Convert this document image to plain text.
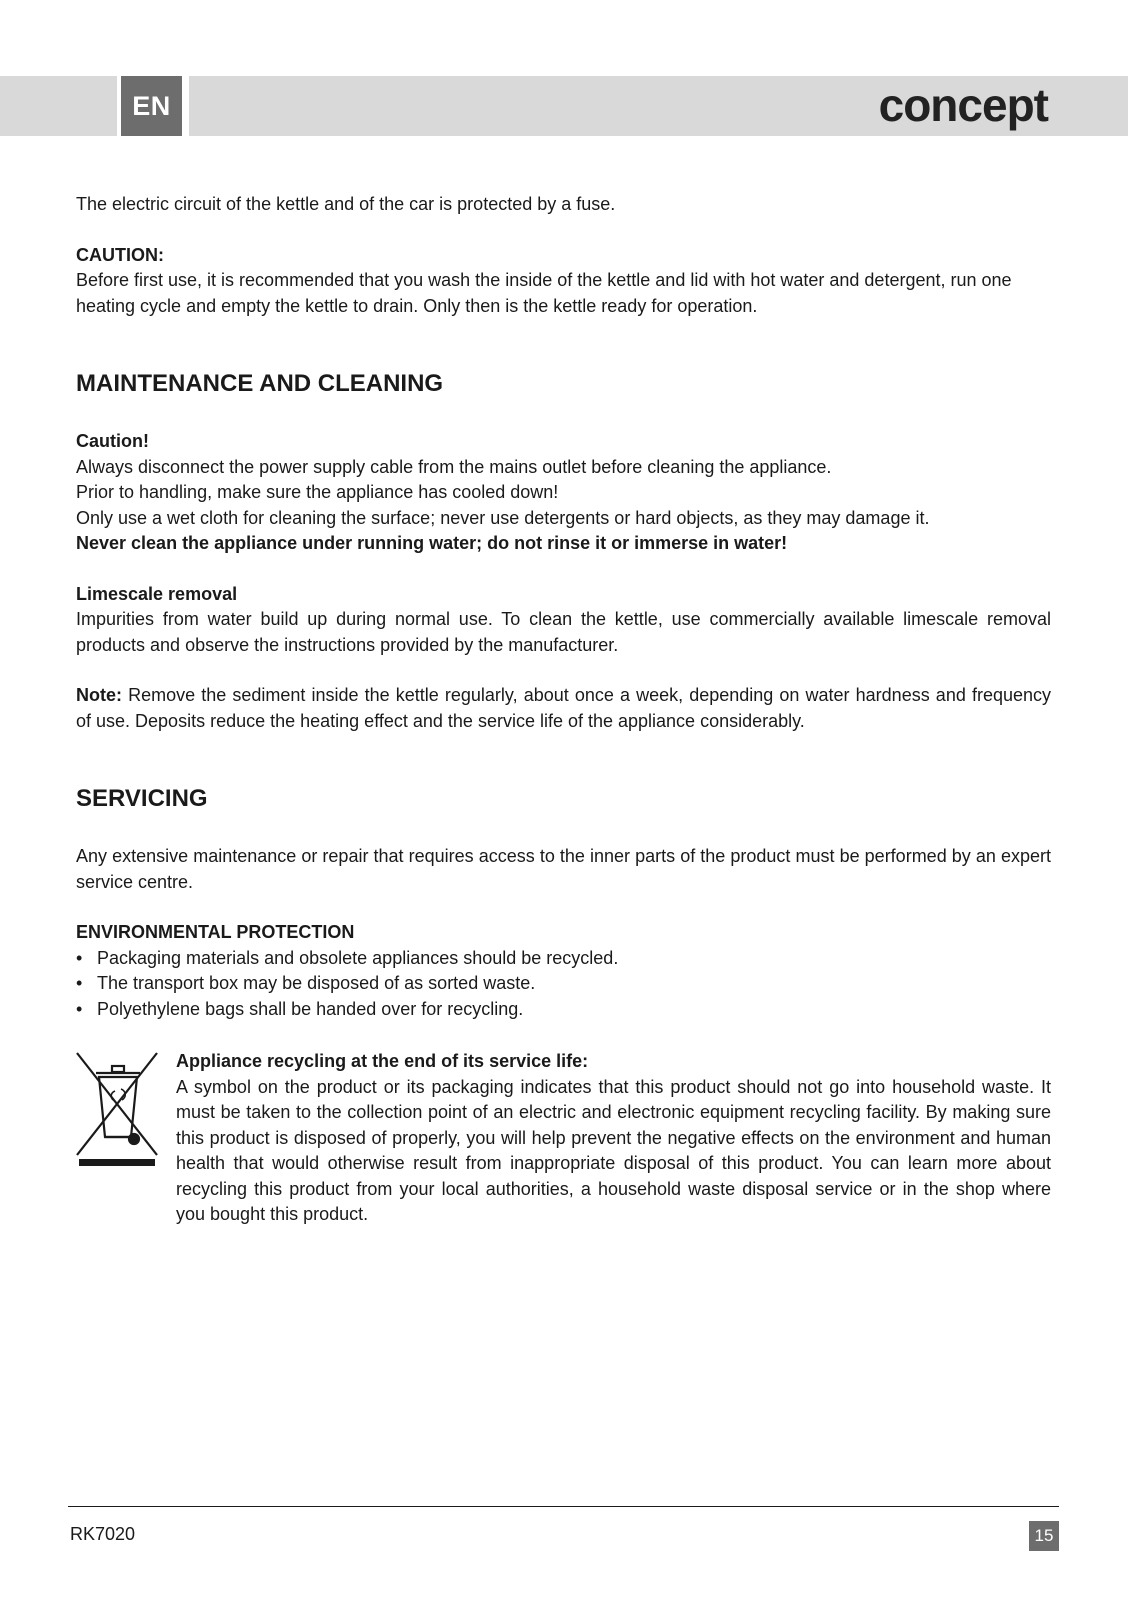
EN	concept

The electric circuit of the kettle and of the car is protected by a fuse.

CAUTION:

Before first use, it is recommended that you wash the inside of the kettle and lid with hot water and detergent, run one heating cycle and empty the kettle to drain. Only then is the kettle ready for operation.

MAINTENANCE AND CLEANING

Caution!

Always disconnect the power supply cable from the mains outlet before cleaning the appliance.

Prior to handling, make sure the appliance has cooled down!

Only use a wet cloth for cleaning the surface; never use detergents or hard objects, as they may damage it.

Never clean the appliance under running water; do not rinse it or immerse in water!

Limescale removal

Impurities from water build up during normal use. To clean the kettle, use commercially available limescale removal products and observe the instructions provided by the manufacturer.

Note: Remove the sediment inside the kettle regularly, about once a week, depending on water hardness and frequency of use. Deposits reduce the heating effect and the service life of the appliance considerably.

SERVICING

Any extensive maintenance or repair that requires access to the inner parts of the product must be performed by an expert service centre.

ENVIRONMENTAL PROTECTION

• Packaging materials and obsolete appliances should be recycled.
• The transport box may be disposed of as sorted waste.
• Polyethylene bags shall be handed over for recycling.

Appliance recycling at the end of its service life:

A symbol on the product or its packaging indicates that this product should not go into household waste. It must be taken to the collection point of an electric and electronic equipment recycling facility. By making sure this product is disposed of properly, you will help prevent the negative effects on the environment and human health that would otherwise result from inappropriate disposal of this product. You can learn more about recycling this product from your local authorities, a household waste disposal service or in the shop where you bought this product.

RK7020	15
